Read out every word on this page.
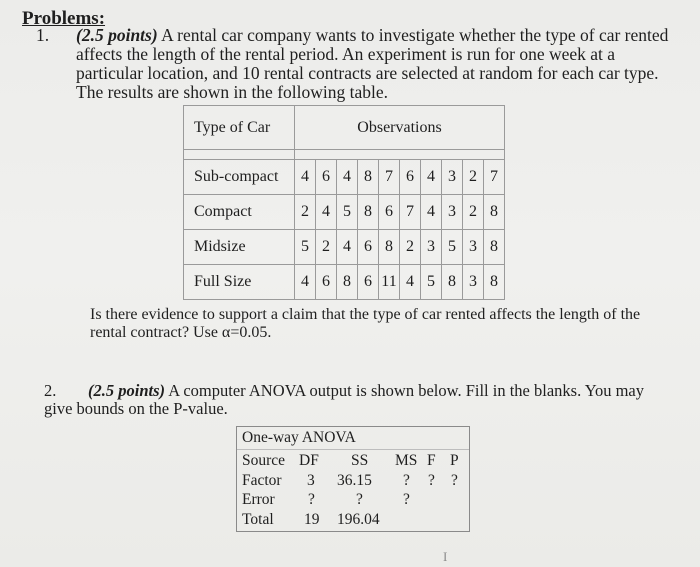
Problems:
1. (2.5 points) A rental car company wants to investigate whether the type of car rented affects the length of the rental period. An experiment is run for one week at a particular location, and 10 rental contracts are selected at random for each car type. The results are shown in the following table.
Type of Car	Observations									

Sub-compact	4	6	4	8	7	6	4	3	2	7
Compact	2	4	5	8	6	7	4	3	2	8
Midsize	5	2	4	6	8	2	3	5	3	8
Full Size	4	6	8	6	11	4	5	8	3	8
Is there evidence to support a claim that the type of car rented affects the length of the rental contract? Use α=0.05.
2. (2.5 points) A computer ANOVA output is shown below. Fill in the blanks. You may
give bounds on the P-value.
One-way ANOVA
Source DF SS MS F P
Factor 3 36.15 ? ? ?
Error ?	?	?
Total 19 196.04
I
